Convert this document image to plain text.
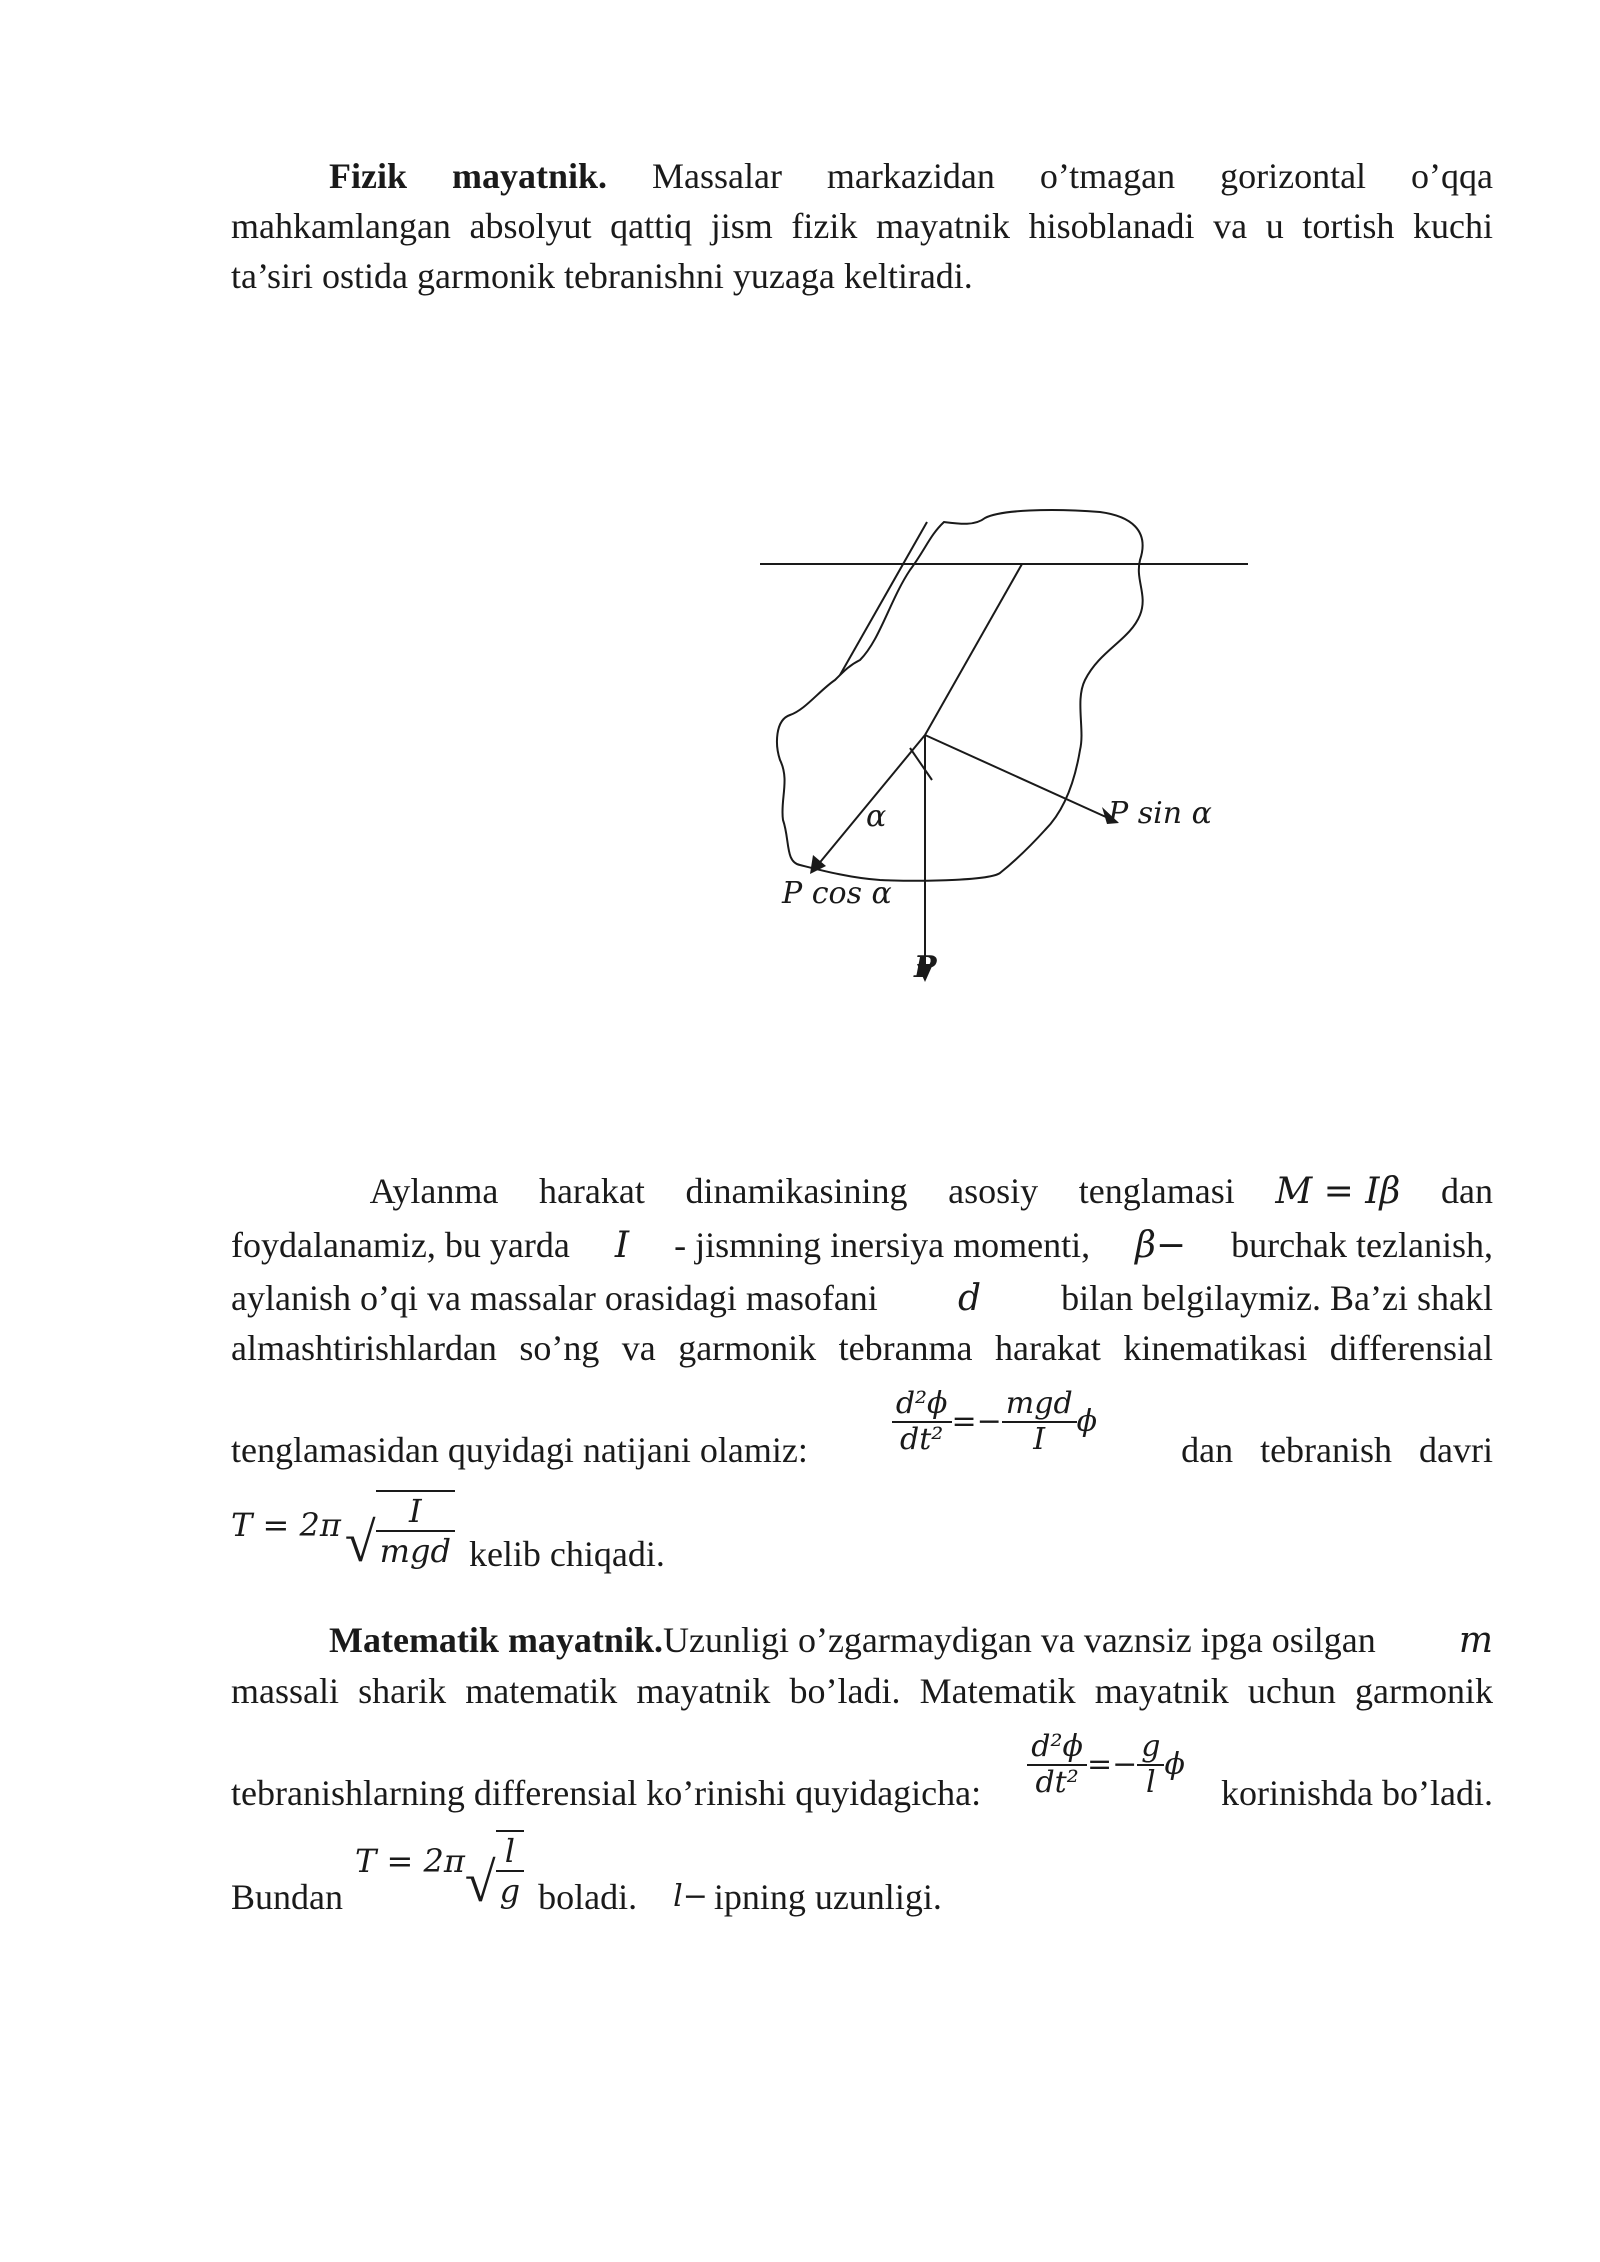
Fizik mayatnik. Massalar markazidan o’tmagan gorizontal o’qqa
mahkamlangan absolyut qattiq jism fizik mayatnik hisoblanadi va u tortish kuchi
ta’siri ostida garmonik tebranishni yuzaga keltiradi.
α	P sin α
P cos α
P
Aylanma harakat dinamikasining asosiy tenglamasi M = Iβ dan
foydalanamiz, bu yarda I - jismning inersiya momenti, β− burchak tezlanish,
aylanish o’qi va massalar orasidagi masofani d bilan belgilaymiz. Ba’zi shakl
almashtirishlardan so’ng va garmonik tebranma harakat kinematikasi differensial
tenglamasidan quyidagi natijani olamiz:	$\frac{\text{d²ϕ}}{\text{dt²}} =- \frac{\text{mgd}}{I}$ ϕ
dan tebranish davri
T = 2π √ $\frac{I}{\text{mgd}}$ kelib chiqadi.
Matematik mayatnik. Uzunligi o’zgarmaydigan va vaznsiz ipga osilgan	m
massali sharik matematik mayatnik bo’ladi. Matematik mayatnik uchun garmonik
tebranishlarning differensial ko’rinishi quyidagicha: $\frac{\text{d²ϕ}}{\text{dt²}} =- \frac{g}{l}$ ϕ
korinishda bo’ladi.
Bundan
T = 2π √ $\frac{l}{g}$ boladi. l− ipning uzunligi.
